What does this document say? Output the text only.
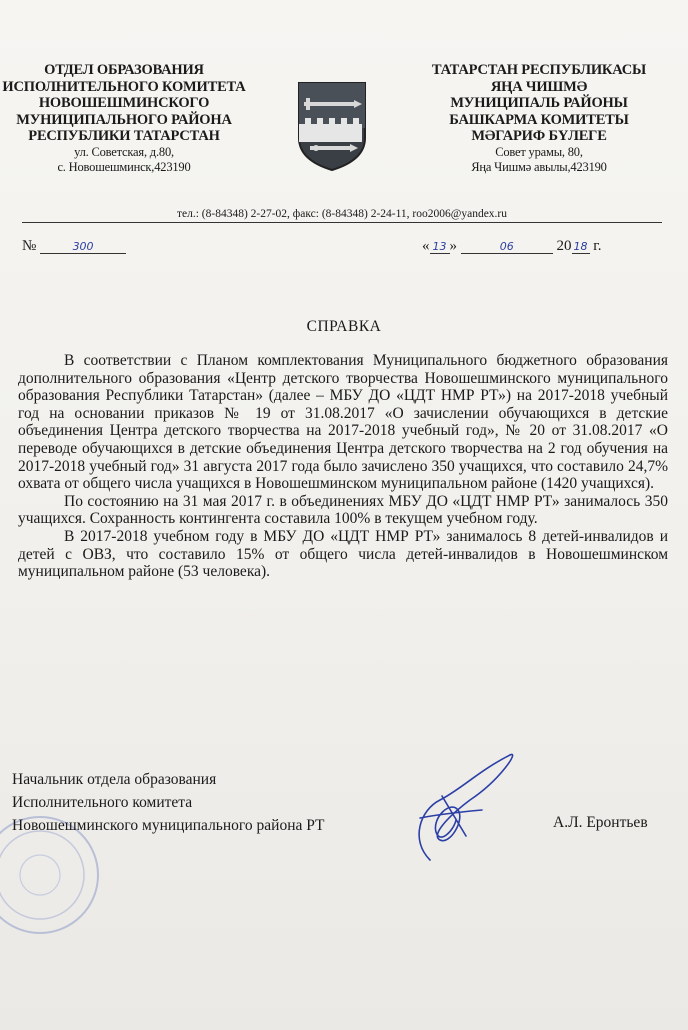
ОТДЕЛ ОБРАЗОВАНИЯ
ИСПОЛНИТЕЛЬНОГО КОМИТЕТА
НОВОШЕШМИНСКОГО
МУНИЦИПАЛЬНОГО РАЙОНА
РЕСПУБЛИКИ ТАТАРСТАН
ул. Советская, д.80,
с. Новошешминск,423190
ТАТАРСТАН РЕСПУБЛИКАСЫ
ЯҢА ЧИШМӘ
МУНИЦИПАЛЬ РАЙОНЫ
БАШКАРМА КОМИТЕТЫ
МӘГАРИФ БҮЛЕГЕ
Совет урамы, 80,
Яңа Чишмә авылы,423190
тел.: (8-84348) 2-27-02, факс: (8-84348) 2-24-11, roo2006@yandex.ru
№	300	« 13 »	06	20 18 г.
СПРАВКА

В соответствии с Планом комплектования Муниципального бюджетного образования дополнительного образования «Центр детского творчества Новошешминского муниципального образования Республики Татарстан» (далее – МБУ ДО «ЦДТ НМР РТ») на 2017-2018 учебный год на основании приказов № 19 от 31.08.2017 «О зачислении обучающихся в детские объединения Центра детского творчества на 2017-2018 учебный год», № 20 от 31.08.2017 «О переводе обучающихся в детские объединения Центра детского творчества на 2 год обучения на 2017-2018 учебный год» 31 августа 2017 года было зачислено 350 учащихся, что составило 24,7% охвата от общего числа учащихся в Новошешминском муниципальном районе (1420 учащихся).

По состоянию на 31 мая 2017 г. в объединениях МБУ ДО «ЦДТ НМР РТ» занималось 350 учащихся. Сохранность контингента составила 100% в текущем учебном году.

В 2017-2018 учебном году в МБУ ДО «ЦДТ НМР РТ» занималось 8 детей-инвалидов и детей с ОВЗ, что составило 15% от общего числа детей-инвалидов в Новошешминском муниципальном районе (53 человека).

Начальник отдела образования
Исполнительного комитета
Новошешминского муниципального района РТ	А.Л. Еронтьев
